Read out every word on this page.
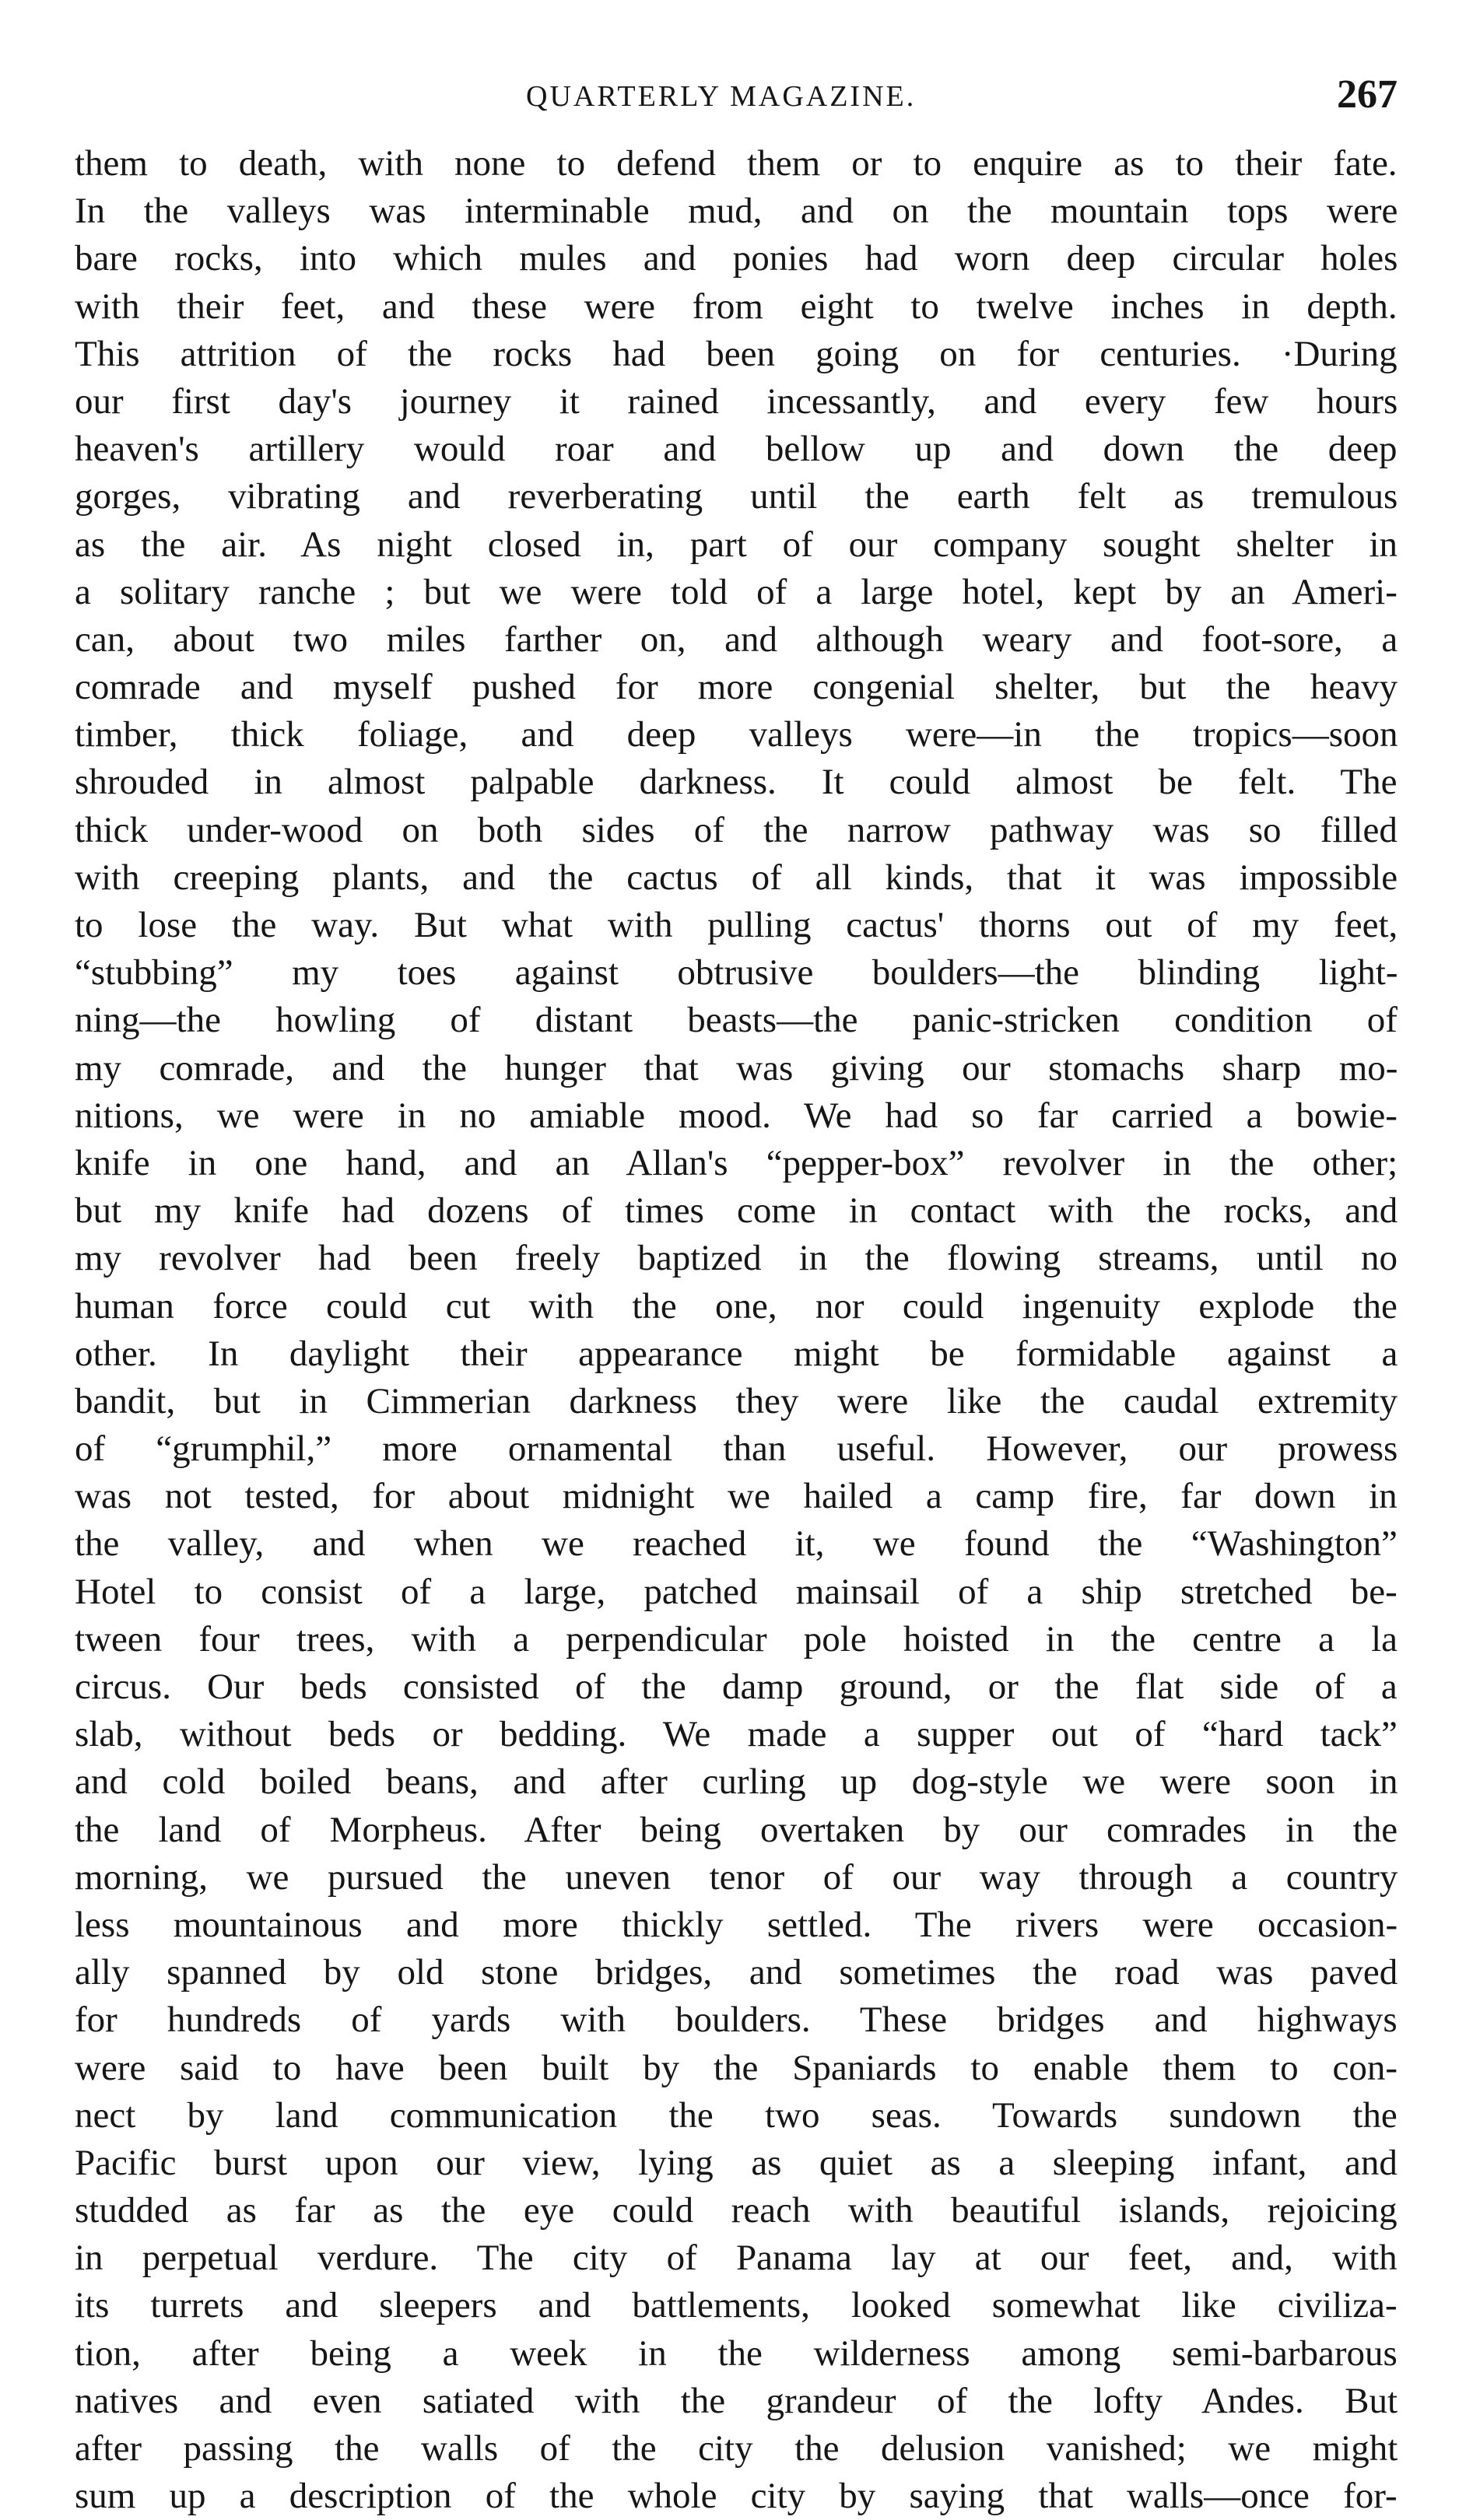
QUARTERLY MAGAZINE.	267
them to death, with none to defend them or to enquire as to their fate.
In the valleys was interminable mud, and on the mountain tops were
bare rocks, into which mules and ponies had worn deep circular holes
with their feet, and these were from eight to twelve inches in depth.
This attrition of the rocks had been going on for centuries. ·During
our first day's journey it rained incessantly, and every few hours
heaven's artillery would roar and bellow up and down the deep
gorges, vibrating and reverberating until the earth felt as tremulous
as the air. As night closed in, part of our company sought shelter in
a solitary ranche ; but we were told of a large hotel, kept by an Ameri-
can, about two miles farther on, and although weary and foot-sore, a
comrade and myself pushed for more congenial shelter, but the heavy
timber, thick foliage, and deep valleys were—in the tropics—soon
shrouded in almost palpable darkness. It could almost be felt. The
thick under-wood on both sides of the narrow pathway was so filled
with creeping plants, and the cactus of all kinds, that it was impossible
to lose the way. But what with pulling cactus' thorns out of my feet,
“stubbing” my toes against obtrusive boulders—the blinding light-
ning—the howling of distant beasts—the panic-stricken condition of
my comrade, and the hunger that was giving our stomachs sharp mo-
nitions, we were in no amiable mood. We had so far carried a bowie-
knife in one hand, and an Allan's “pepper-box” revolver in the other;
but my knife had dozens of times come in contact with the rocks, and
my revolver had been freely baptized in the flowing streams, until no
human force could cut with the one, nor could ingenuity explode the
other. In daylight their appearance might be formidable against a
bandit, but in Cimmerian darkness they were like the caudal extremity
of “grumphil,” more ornamental than useful. However, our prowess
was not tested, for about midnight we hailed a camp fire, far down in
the valley, and when we reached it, we found the “Washington”
Hotel to consist of a large, patched mainsail of a ship stretched be-
tween four trees, with a perpendicular pole hoisted in the centre a la
circus. Our beds consisted of the damp ground, or the flat side of a
slab, without beds or bedding. We made a supper out of “hard tack”
and cold boiled beans, and after curling up dog-style we were soon in
the land of Morpheus. After being overtaken by our comrades in the
morning, we pursued the uneven tenor of our way through a country
less mountainous and more thickly settled. The rivers were occasion-
ally spanned by old stone bridges, and sometimes the road was paved
for hundreds of yards with boulders. These bridges and highways
were said to have been built by the Spaniards to enable them to con-
nect by land communication the two seas. Towards sundown the
Pacific burst upon our view, lying as quiet as a sleeping infant, and
studded as far as the eye could reach with beautiful islands, rejoicing
in perpetual verdure. The city of Panama lay at our feet, and, with
its turrets and sleepers and battlements, looked somewhat like civiliza-
tion, after being a week in the wilderness among semi-barbarous
natives and even satiated with the grandeur of the lofty Andes. But
after passing the walls of the city the delusion vanished; we might
sum up a description of the whole city by saying that walls—once for-
